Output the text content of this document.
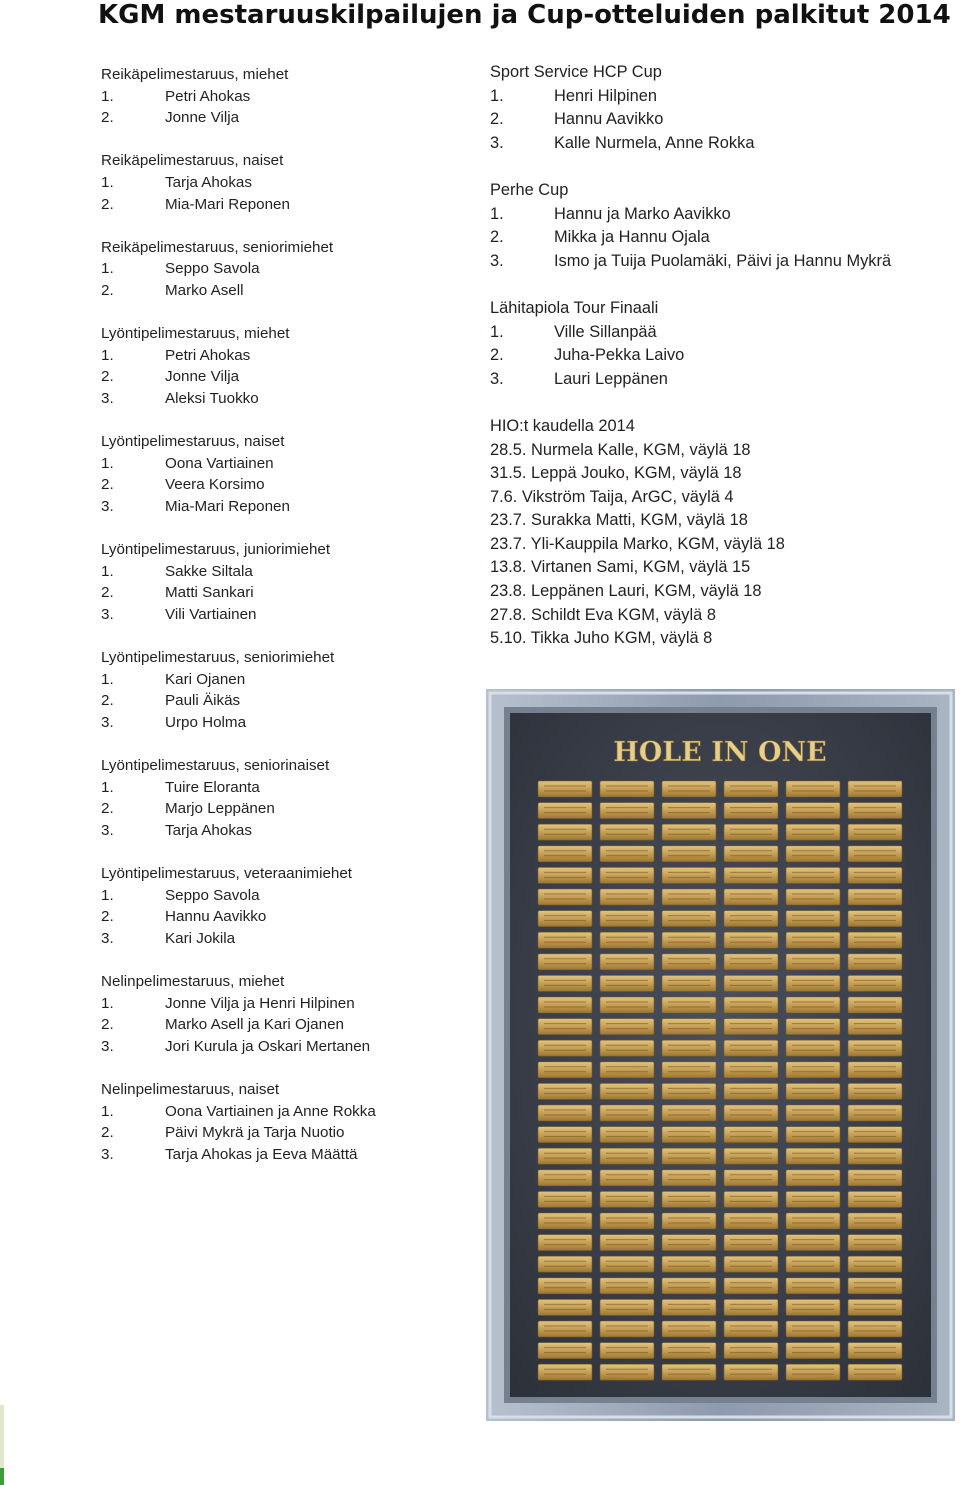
KGM mestaruuskilpailujen ja Cup-otteluiden palkitut 2014
Reikäpelimestaruus, miehet
1.	Petri Ahokas
2.	Jonne Vilja
Reikäpelimestaruus, naiset
1.	Tarja Ahokas
2.	Mia-Mari Reponen
Reikäpelimestaruus, seniorimiehet
1.	Seppo Savola
2.	Marko Asell
Lyöntipelimestaruus, miehet
1.	Petri Ahokas
2.	Jonne Vilja
3.	Aleksi Tuokko
Lyöntipelimestaruus, naiset
1.	Oona Vartiainen
2.	Veera Korsimo
3.	Mia-Mari Reponen
Lyöntipelimestaruus, juniorimiehet
1.	Sakke Siltala
2.	Matti Sankari
3.	Vili Vartiainen
Lyöntipelimestaruus, seniorimiehet
1.	Kari Ojanen
2.	Pauli Äikäs
3.	Urpo Holma
Lyöntipelimestaruus, seniorinaiset
1.	Tuire Eloranta
2.	Marjo Leppänen
3.	Tarja Ahokas
Lyöntipelimestaruus, veteraanimiehet
1.	Seppo Savola
2.	Hannu Aavikko
3.	Kari Jokila
Nelinpelimestaruus, miehet
1.	Jonne Vilja ja Henri Hilpinen
2.	Marko Asell ja Kari Ojanen
3.	Jori Kurula ja Oskari Mertanen
Nelinpelimestaruus, naiset
1.	Oona Vartiainen ja Anne Rokka
2.	Päivi Mykrä ja Tarja Nuotio
3.	Tarja Ahokas ja Eeva Määttä
Sport Service HCP Cup
1.	Henri Hilpinen
2.	Hannu Aavikko
3.	Kalle Nurmela, Anne Rokka
Perhe Cup
1.	Hannu ja Marko Aavikko
2.	Mikka ja Hannu Ojala
3.	Ismo ja Tuija Puolamäki, Päivi ja Hannu Mykrä
Lähitapiola Tour Finaali
1.	Ville Sillanpää
2.	Juha-Pekka Laivo
3.	Lauri Leppänen
HIO:t kaudella 2014
28.5. Nurmela Kalle, KGM, väylä 18
31.5. Leppä Jouko, KGM, väylä 18
7.6. Vikström Taija, ArGC, väylä 4
23.7. Surakka Matti, KGM, väylä 18
23.7. Yli-Kauppila Marko, KGM, väylä 18
13.8. Virtanen Sami, KGM, väylä 15
23.8. Leppänen Lauri, KGM, väylä 18
27.8. Schildt Eva KGM, väylä 8
5.10. Tikka Juho KGM, väylä 8
HOLE IN ONE
